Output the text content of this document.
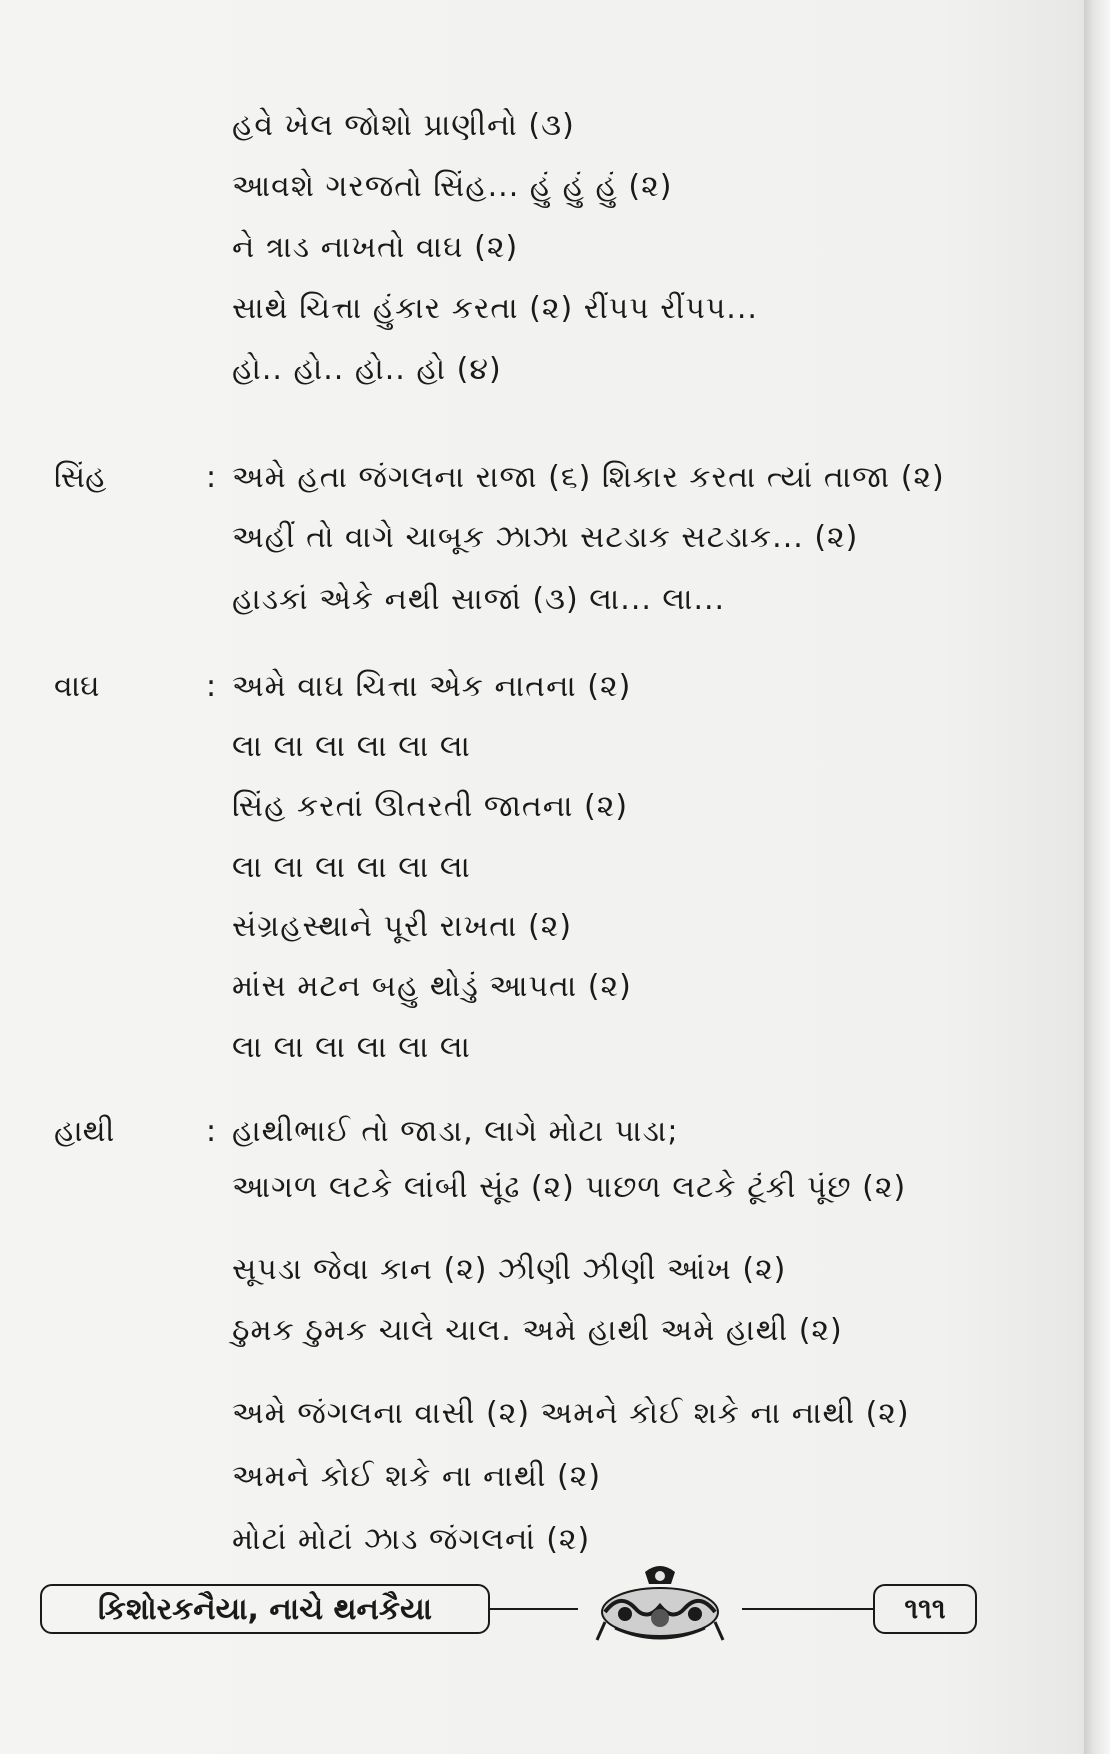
હવે ખેલ જોશો પ્રાણીનો (૩)
આવશે ગરજતો સિંહ... હું હું હું (૨)
ને ત્રાડ નાખતો વાઘ (૨)
સાથે ચિત્તા હુંકાર કરતા (૨) રીંપપ રીંપપ...
હો.. હો.. હો.. હો (૪)
સિંહ	: અમે હતા જંગલના રાજા (૬) શિકાર કરતા ત્યાં તાજા (૨)
અહીં તો વાગે ચાબૂક ઝાઝા સટડાક સટડાક... (૨)
હાડકાં એકે નથી સાજાં (૩) લા... લા...
વાઘ	: અમે વાઘ ચિત્તા એક નાતના (૨)
લા લા લા લા લા લા
સિંહ કરતાં ઊતરતી જાતના (૨)
લા લા લા લા લા લા
સંગ્રહસ્થાને પૂરી રાખતા (૨)
માંસ મટન બહુ થોડું આપતા (૨)
લા લા લા લા લા લા
હાથી	: હાથીભાઈ તો જાડા, લાગે મોટા પાડા;
આગળ લટકે લાંબી સૂંઢ (૨) પાછળ લટકે ટૂંકી પૂંછ (૨)
સૂપડા જેવા કાન (૨) ઝીણી ઝીણી આંખ (૨)
ઠુમક ઠુમક ચાલે ચાલ. અમે હાથી અમે હાથી (૨)
અમે જંગલના વાસી (૨) અમને કોઈ શકે ના નાથી (૨)
અમને કોઈ શકે ના નાથી (૨)
મોટાં મોટાં ઝાડ જંગલનાં (૨)
કિશોરકનૈયા, નાચે થનકૈયા	૧૧૧
